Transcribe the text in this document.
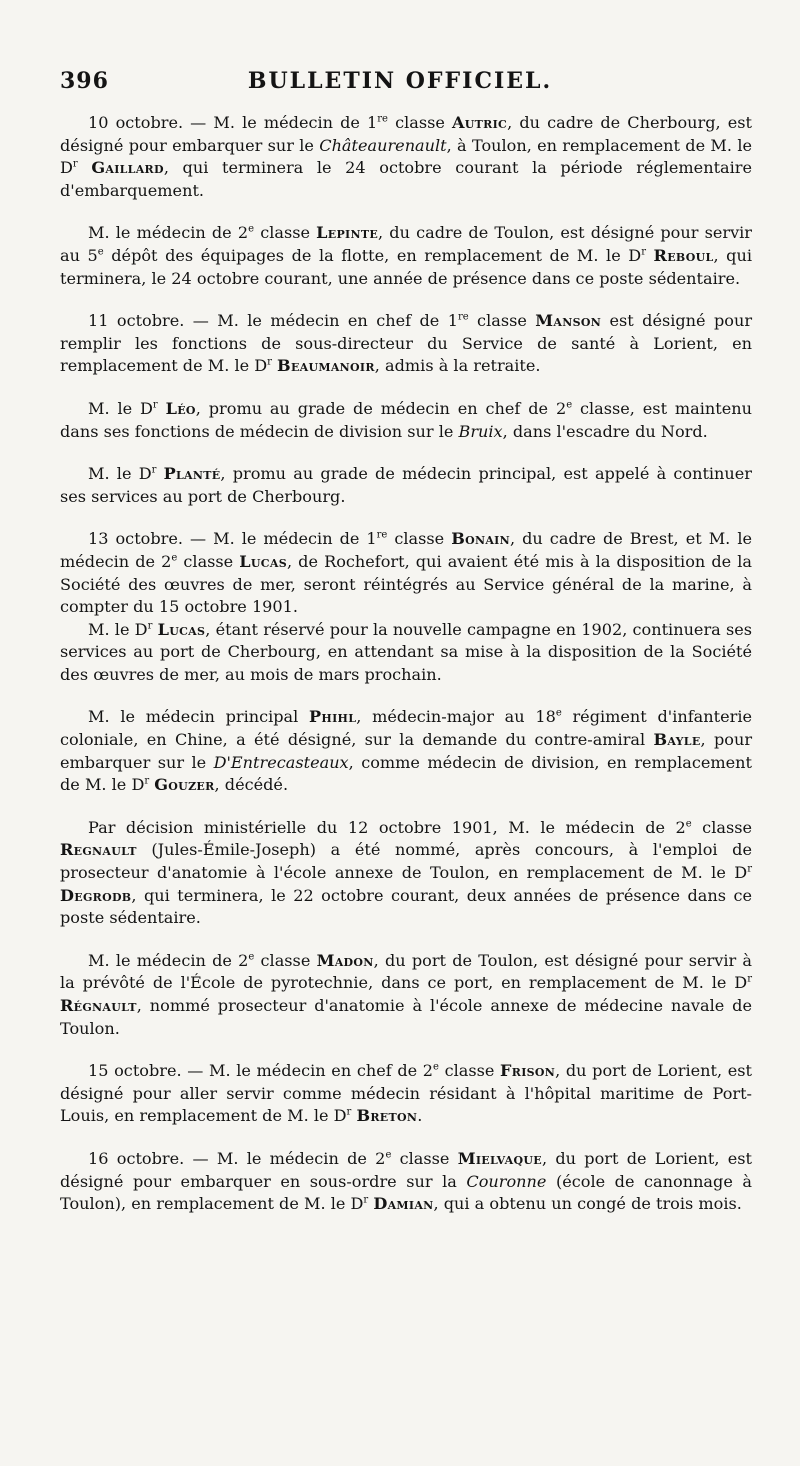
396	BULLETIN OFFICIEL.

10 octobre. — M. le médecin de 1re classe Autric, du cadre de Cherbourg, est désigné pour embarquer sur le Châteaurenault, à Toulon, en remplacement de M. le $D^r$ Gaillard, qui terminera le 24 octobre courant la période réglementaire d'embarquement.

M. le médecin de 2e classe Lepinte, du cadre de Toulon, est désigné pour servir au 5e dépôt des équipages de la flotte, en remplacement de M. le $D^r$ Reboul, qui terminera, le 24 octobre courant, une année de présence dans ce poste sédentaire.

11 octobre. — M. le médecin en chef de 1re classe Manson est désigné pour remplir les fonctions de sous-directeur du Service de santé à Lorient, en remplacement de M. le $D^r$ Beaumanoir, admis à la retraite.

M. le $D^r$ Léo, promu au grade de médecin en chef de 2e classe, est maintenu dans ses fonctions de médecin de division sur le Bruix, dans l'escadre du Nord.

M. le $D^r$ Planté, promu au grade de médecin principal, est appelé à continuer ses services au port de Cherbourg.

13 octobre. — M. le médecin de 1re classe Bonain, du cadre de Brest, et M. le médecin de 2e classe Lucas, de Rochefort, qui avaient été mis à la disposition de la Société des œuvres de mer, seront réintégrés au Service général de la marine, à compter du 15 octobre 1901.

M. le $D^r$ Lucas, étant réservé pour la nouvelle campagne en 1902, continuera ses services au port de Cherbourg, en attendant sa mise à la disposition de la Société des œuvres de mer, au mois de mars prochain.

M. le médecin principal Phihl, médecin-major au 18e régiment d'infanterie coloniale, en Chine, a été désigné, sur la demande du contre-amiral Bayle, pour embarquer sur le D'Entrecasteaux, comme médecin de division, en remplacement de M. le $D^r$ Gouzer, décédé.

Par décision ministérielle du 12 octobre 1901, M. le médecin de 2e classe Regnault (Jules-Émile-Joseph) a été nommé, après concours, à l'emploi de prosecteur d'anatomie à l'école annexe de Toulon, en remplacement de M. le $D^r$ Degrodb, qui terminera, le 22 octobre courant, deux années de présence dans ce poste sédentaire.

M. le médecin de 2e classe Madon, du port de Toulon, est désigné pour servir à la prévôté de l'École de pyrotechnie, dans ce port, en remplacement de M. le $D^r$ Régnault, nommé prosecteur d'anatomie à l'école annexe de médecine navale de Toulon.

15 octobre. — M. le médecin en chef de 2e classe Frison, du port de Lorient, est désigné pour aller servir comme médecin résidant à l'hôpital maritime de Port-Louis, en remplacement de M. le $D^r$ Breton.

16 octobre. — M. le médecin de 2e classe Mielvaque, du port de Lorient, est désigné pour embarquer en sous-ordre sur la Couronne (école de canonnage à Toulon), en remplacement de M. le $D^r$ Damian, qui a obtenu un congé de trois mois.
